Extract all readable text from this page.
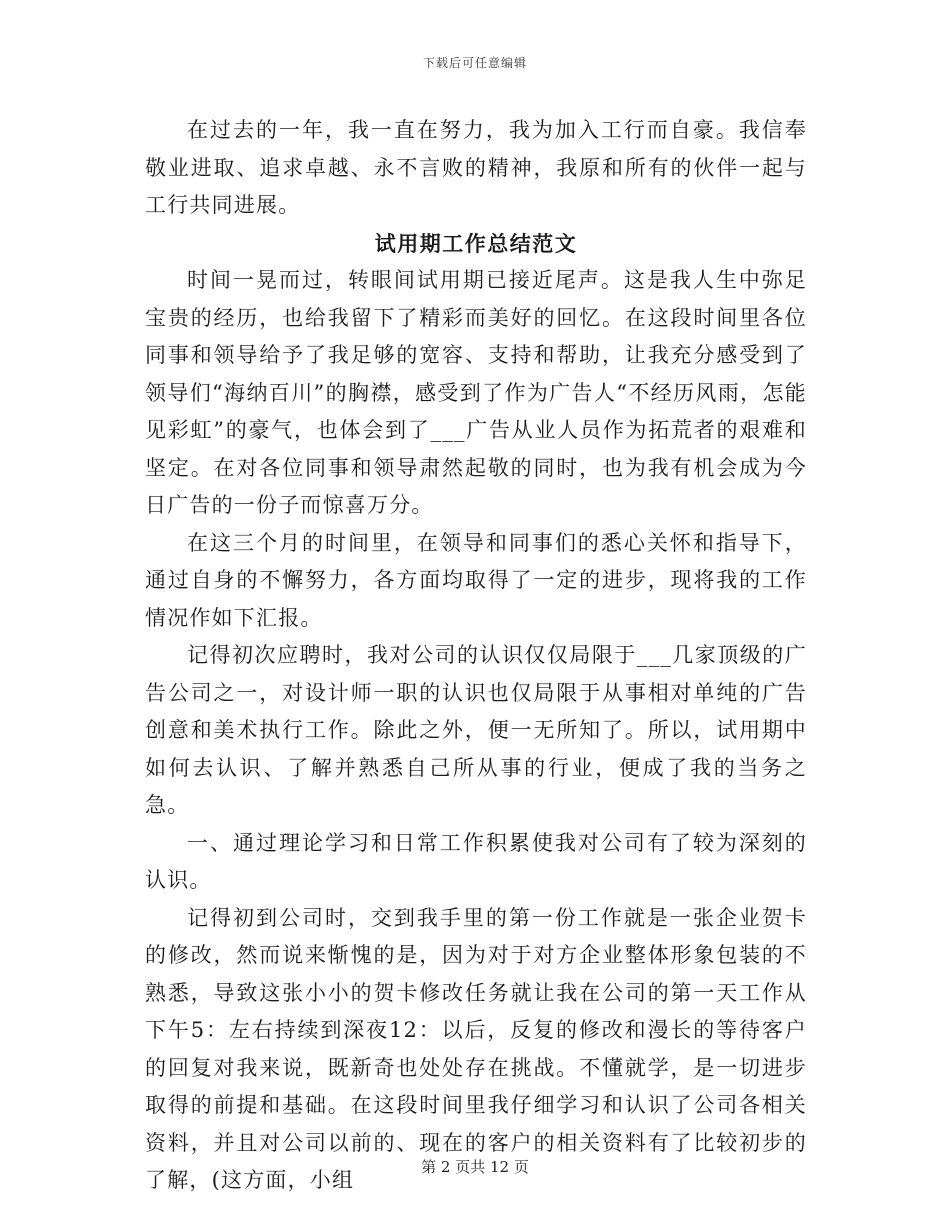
下载后可任意编辑

在过去的一年，我一直在努力，我为加入工行而自豪。我信奉敬业进取、追求卓越、永不言败的精神，我原和所有的伙伴一起与工行共同进展。

试用期工作总结范文

时间一晃而过，转眼间试用期已接近尾声。这是我人生中弥足宝贵的经历，也给我留下了精彩而美好的回忆。在这段时间里各位同事和领导给予了我足够的宽容、支持和帮助，让我充分感受到了领导们“海纳百川”的胸襟，感受到了作为广告人“不经历风雨，怎能见彩虹”的豪气，也体会到了___广告从业人员作为拓荒者的艰难和坚定。在对各位同事和领导肃然起敬的同时，也为我有机会成为今日广告的一份子而惊喜万分。

在这三个月的时间里，在领导和同事们的悉心关怀和指导下，通过自身的不懈努力，各方面均取得了一定的进步，现将我的工作情况作如下汇报。

记得初次应聘时，我对公司的认识仅仅局限于___几家顶级的广告公司之一，对设计师一职的认识也仅局限于从事相对单纯的广告创意和美术执行工作。除此之外，便一无所知了。所以，试用期中如何去认识、了解并熟悉自己所从事的行业，便成了我的当务之急。

一、通过理论学习和日常工作积累使我对公司有了较为深刻的认识。

记得初到公司时，交到我手里的第一份工作就是一张企业贺卡的修改，然而说来惭愧的是，因为对于对方企业整体形象包装的不熟悉，导致这张小小的贺卡修改任务就让我在公司的第一天工作从下午5：左右持续到深夜12：以后，反复的修改和漫长的等待客户的回复对我来说，既新奇也处处存在挑战。不懂就学，是一切进步取得的前提和基础。在这段时间里我仔细学习和认识了公司各相关资料，并且对公司以前的、现在的客户的相关资料有了比较初步的了解，(这方面，小组

第 2 页共 12 页
